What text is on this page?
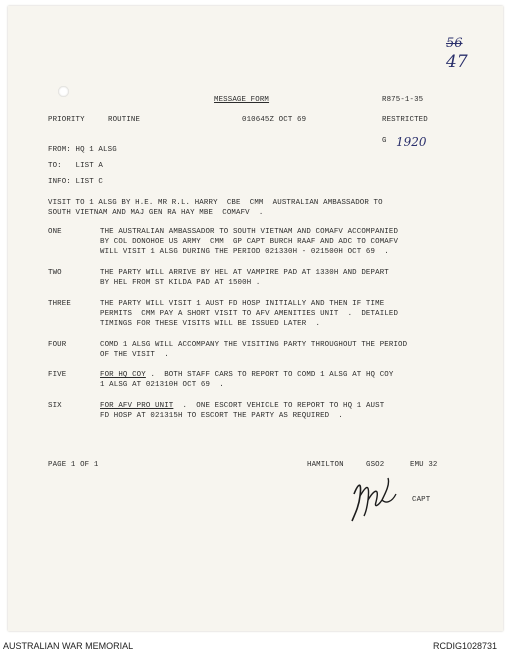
56
47
1920
MESSAGE FORM	R875-1-35
PRIORITY	ROUTINE	010645Z OCT 69	RESTRICTED
G
FROM: HQ 1 ALSG
TO:   LIST A
INFO: LIST C
VISIT TO 1 ALSG BY H.E. MR R.L. HARRY  CBE  CMM  AUSTRALIAN AMBASSADOR TO
SOUTH VIETNAM AND MAJ GEN RA HAY MBE  COMAFV  .
ONE	THE AUSTRALIAN AMBASSADOR TO SOUTH VIETNAM AND COMAFV ACCOMPANIED
BY COL DONOHOE US ARMY  CMM  GP CAPT BURCH RAAF AND ADC TO COMAFV
WILL VISIT 1 ALSG DURING THE PERIOD 021330H - 021500H OCT 69  .
TWO	THE PARTY WILL ARRIVE BY HEL AT VAMPIRE PAD AT 1330H AND DEPART
BY HEL FROM ST KILDA PAD AT 1500H .
THREE	THE PARTY WILL VISIT 1 AUST FD HOSP INITIALLY AND THEN IF TIME
PERMITS  CMM PAY A SHORT VISIT TO AFV AMENITIES UNIT  .  DETAILED
TIMINGS FOR THESE VISITS WILL BE ISSUED LATER  .
FOUR	COMD 1 ALSG WILL ACCOMPANY THE VISITING PARTY THROUGHOUT THE PERIOD
OF THE VISIT  .
FIVE	FOR HQ COY .  BOTH STAFF CARS TO REPORT TO COMD 1 ALSG AT HQ COY
1 ALSG AT 021310H OCT 69  .
SIX	FOR AFV PRO UNIT  .  ONE ESCORT VEHICLE TO REPORT TO HQ 1 AUST
FD HOSP AT 021315H TO ESCORT THE PARTY AS REQUIRED  .
PAGE 1 OF 1	HAMILTON	GSO2	EMU 32
CAPT
AUSTRALIAN WAR MEMORIAL	RCDIG1028731
